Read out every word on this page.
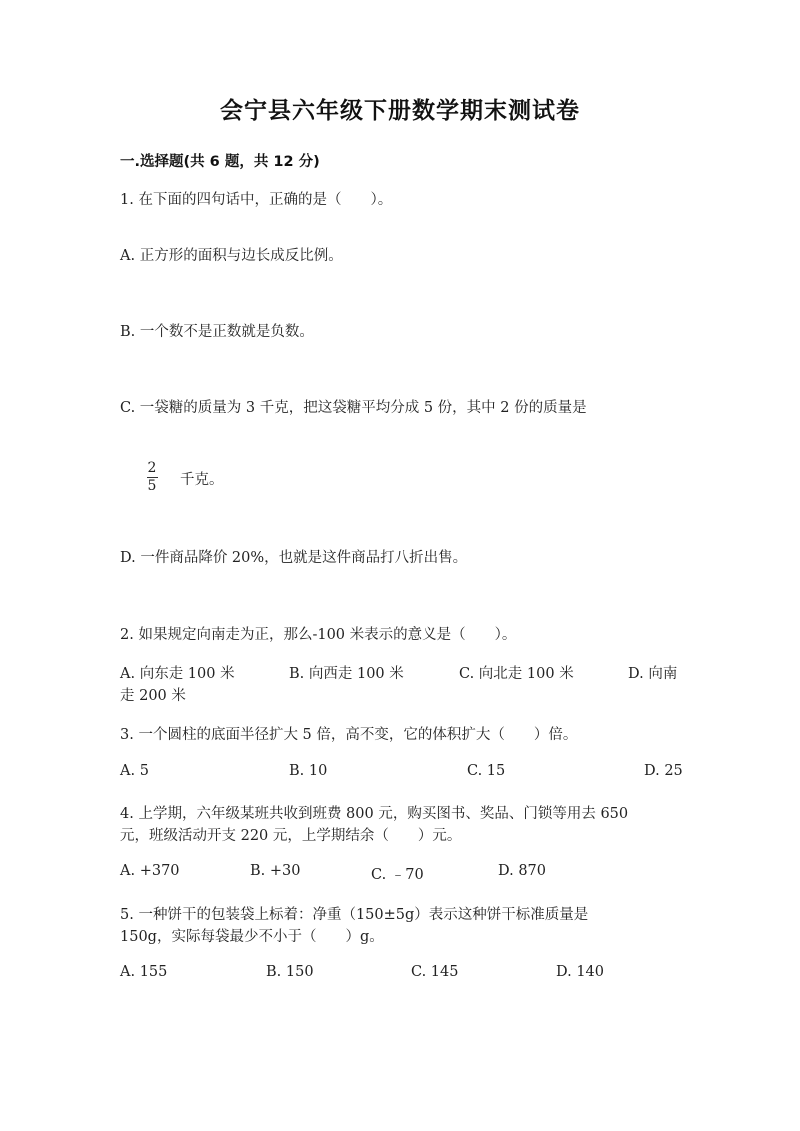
会宁县六年级下册数学期末测试卷
一.选择题(共 6 题，共 12 分)
1. 在下面的四句话中，正确的是（　　）。
A. 正方形的面积与边长成反比例。
B. 一个数不是正数就是负数。
C. 一袋糖的质量为 3 千克，把这袋糖平均分成 5 份，其中 2 份的质量是
2
5 千克。
D. 一件商品降价 20%，也就是这件商品打八折出售。
2. 如果规定向南走为正，那么-100 米表示的意义是（　　）。
A. 向东走 100 米	B. 向西走 100 米	C. 向北走 100 米	D. 向南
走 200 米
3. 一个圆柱的底面半径扩大 5 倍，高不变，它的体积扩大（　　）倍。
A. 5	B. 10	C. 15	D. 25
4. 上学期，六年级某班共收到班费 800 元，购买图书、奖品、门锁等用去 650
元，班级活动开支 220 元，上学期结余（　　）元。
A. +370	B. +30	C. ﹣70	D. 870
5. 一种饼干的包装袋上标着：净重（150±5g）表示这种饼干标准质量是
150g，实际每袋最少不小于（　　）g。
A. 155	B. 150	C. 145	D. 140
